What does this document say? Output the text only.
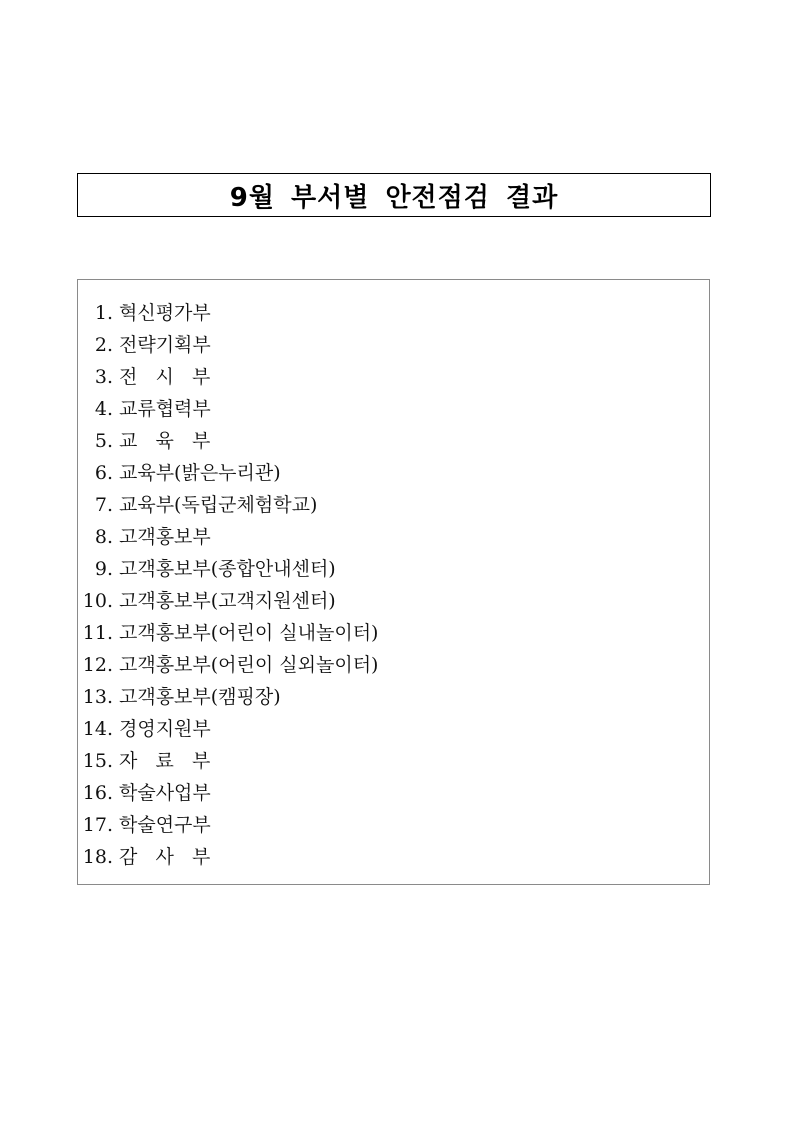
9월 부서별 안전점검 결과
1. 혁신평가부
2. 전략기획부
3. 전   시   부
4. 교류협력부
5. 교   육   부
6. 교육부(밝은누리관)
7. 교육부(독립군체험학교)
8. 고객홍보부
9. 고객홍보부(종합안내센터)
10. 고객홍보부(고객지원센터)
11. 고객홍보부(어린이 실내놀이터)
12. 고객홍보부(어린이 실외놀이터)
13. 고객홍보부(캠핑장)
14. 경영지원부
15. 자   료   부
16. 학술사업부
17. 학술연구부
18. 감   사   부
